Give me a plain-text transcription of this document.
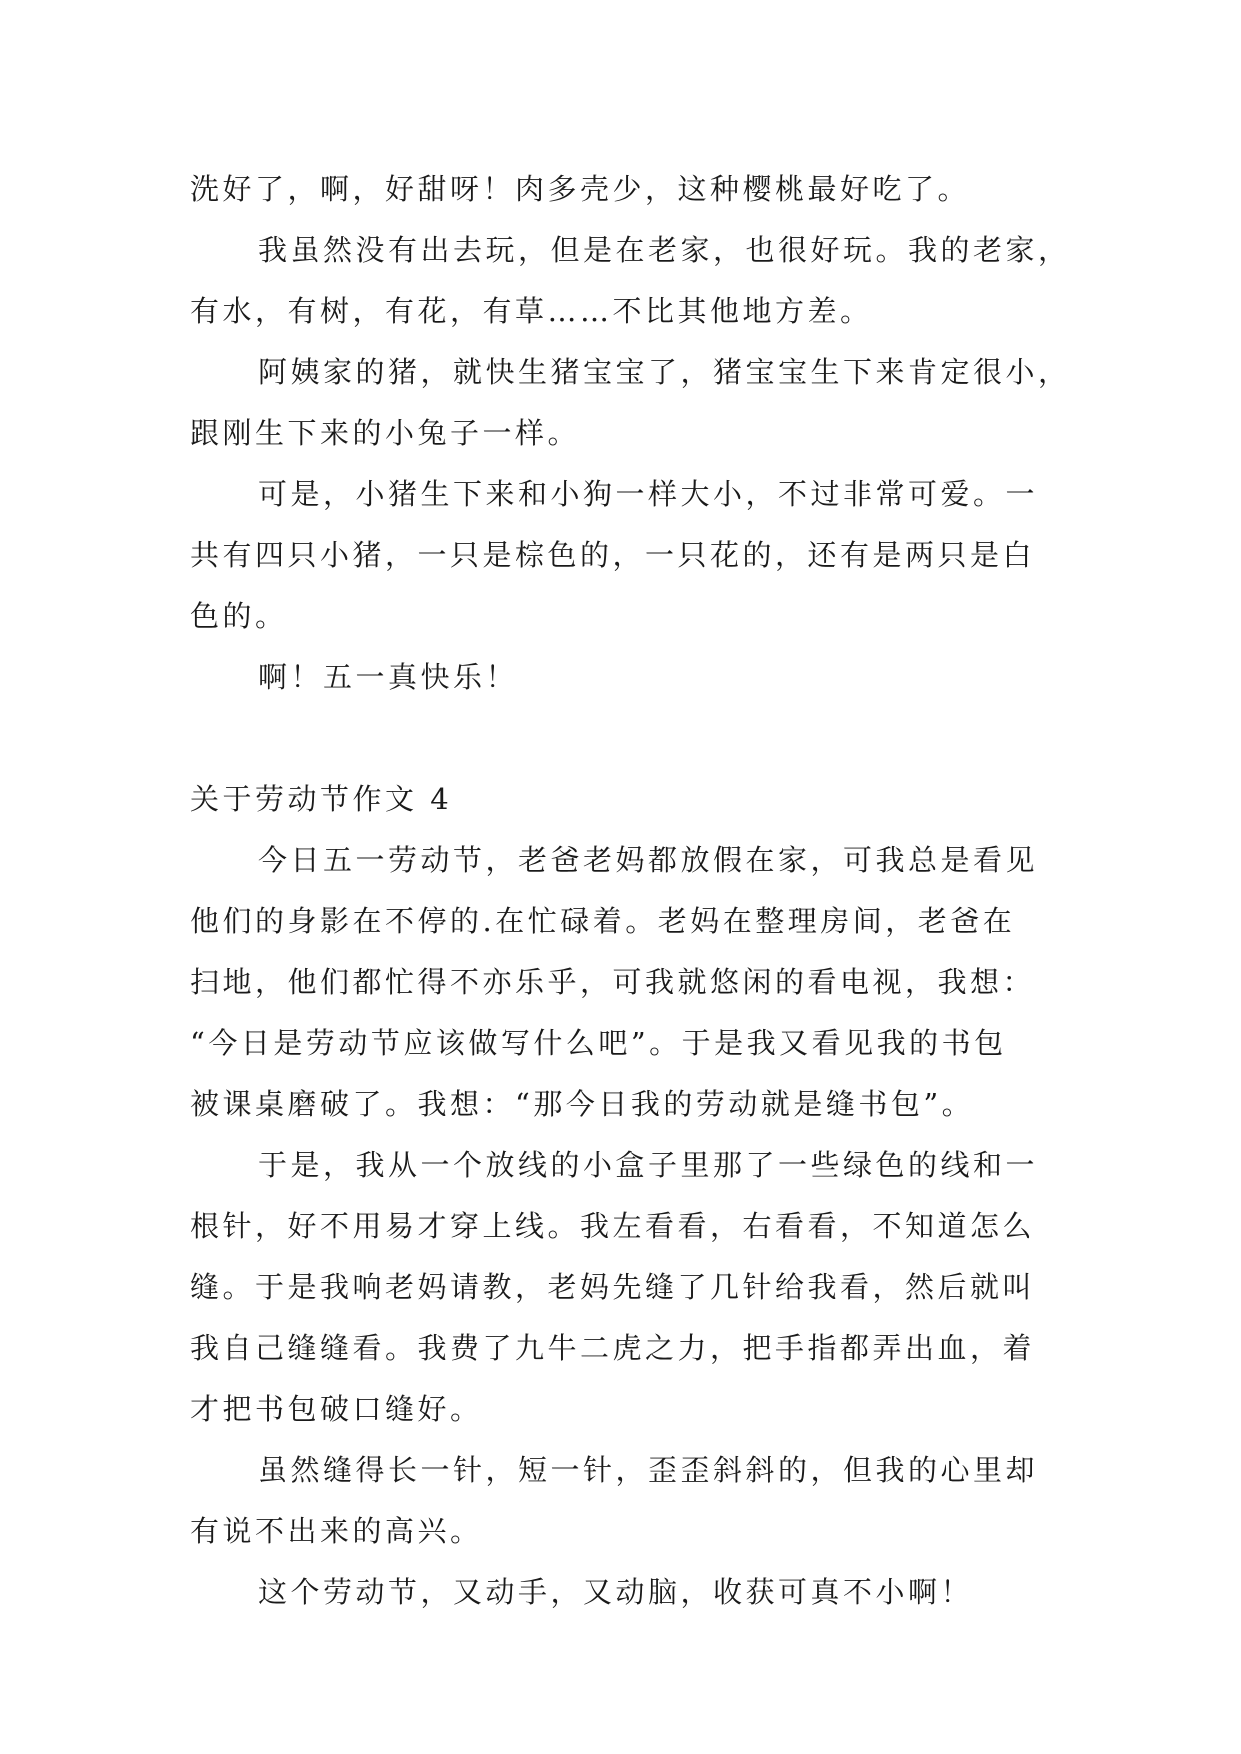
洗好了，啊，好甜呀！肉多壳少，这种樱桃最好吃了。
我虽然没有出去玩，但是在老家，也很好玩。我的老家，
有水，有树，有花，有草……不比其他地方差。
阿姨家的猪，就快生猪宝宝了，猪宝宝生下来肯定很小，
跟刚生下来的小兔子一样。
可是，小猪生下来和小狗一样大小，不过非常可爱。一
共有四只小猪，一只是棕色的，一只花的，还有是两只是白
色的。
啊！五一真快乐！
关于劳动节作文 4
今日五一劳动节，老爸老妈都放假在家，可我总是看见
他们的身影在不停的.在忙碌着。老妈在整理房间，老爸在
扫地，他们都忙得不亦乐乎，可我就悠闲的看电视，我想：
“今日是劳动节应该做写什么吧”。于是我又看见我的书包
被课桌磨破了。我想：“那今日我的劳动就是缝书包”。
于是，我从一个放线的小盒子里那了一些绿色的线和一
根针，好不用易才穿上线。我左看看，右看看，不知道怎么
缝。于是我响老妈请教，老妈先缝了几针给我看，然后就叫
我自己缝缝看。我费了九牛二虎之力，把手指都弄出血，着
才把书包破口缝好。
虽然缝得长一针，短一针，歪歪斜斜的，但我的心里却
有说不出来的高兴。
这个劳动节，又动手，又动脑，收获可真不小啊！
